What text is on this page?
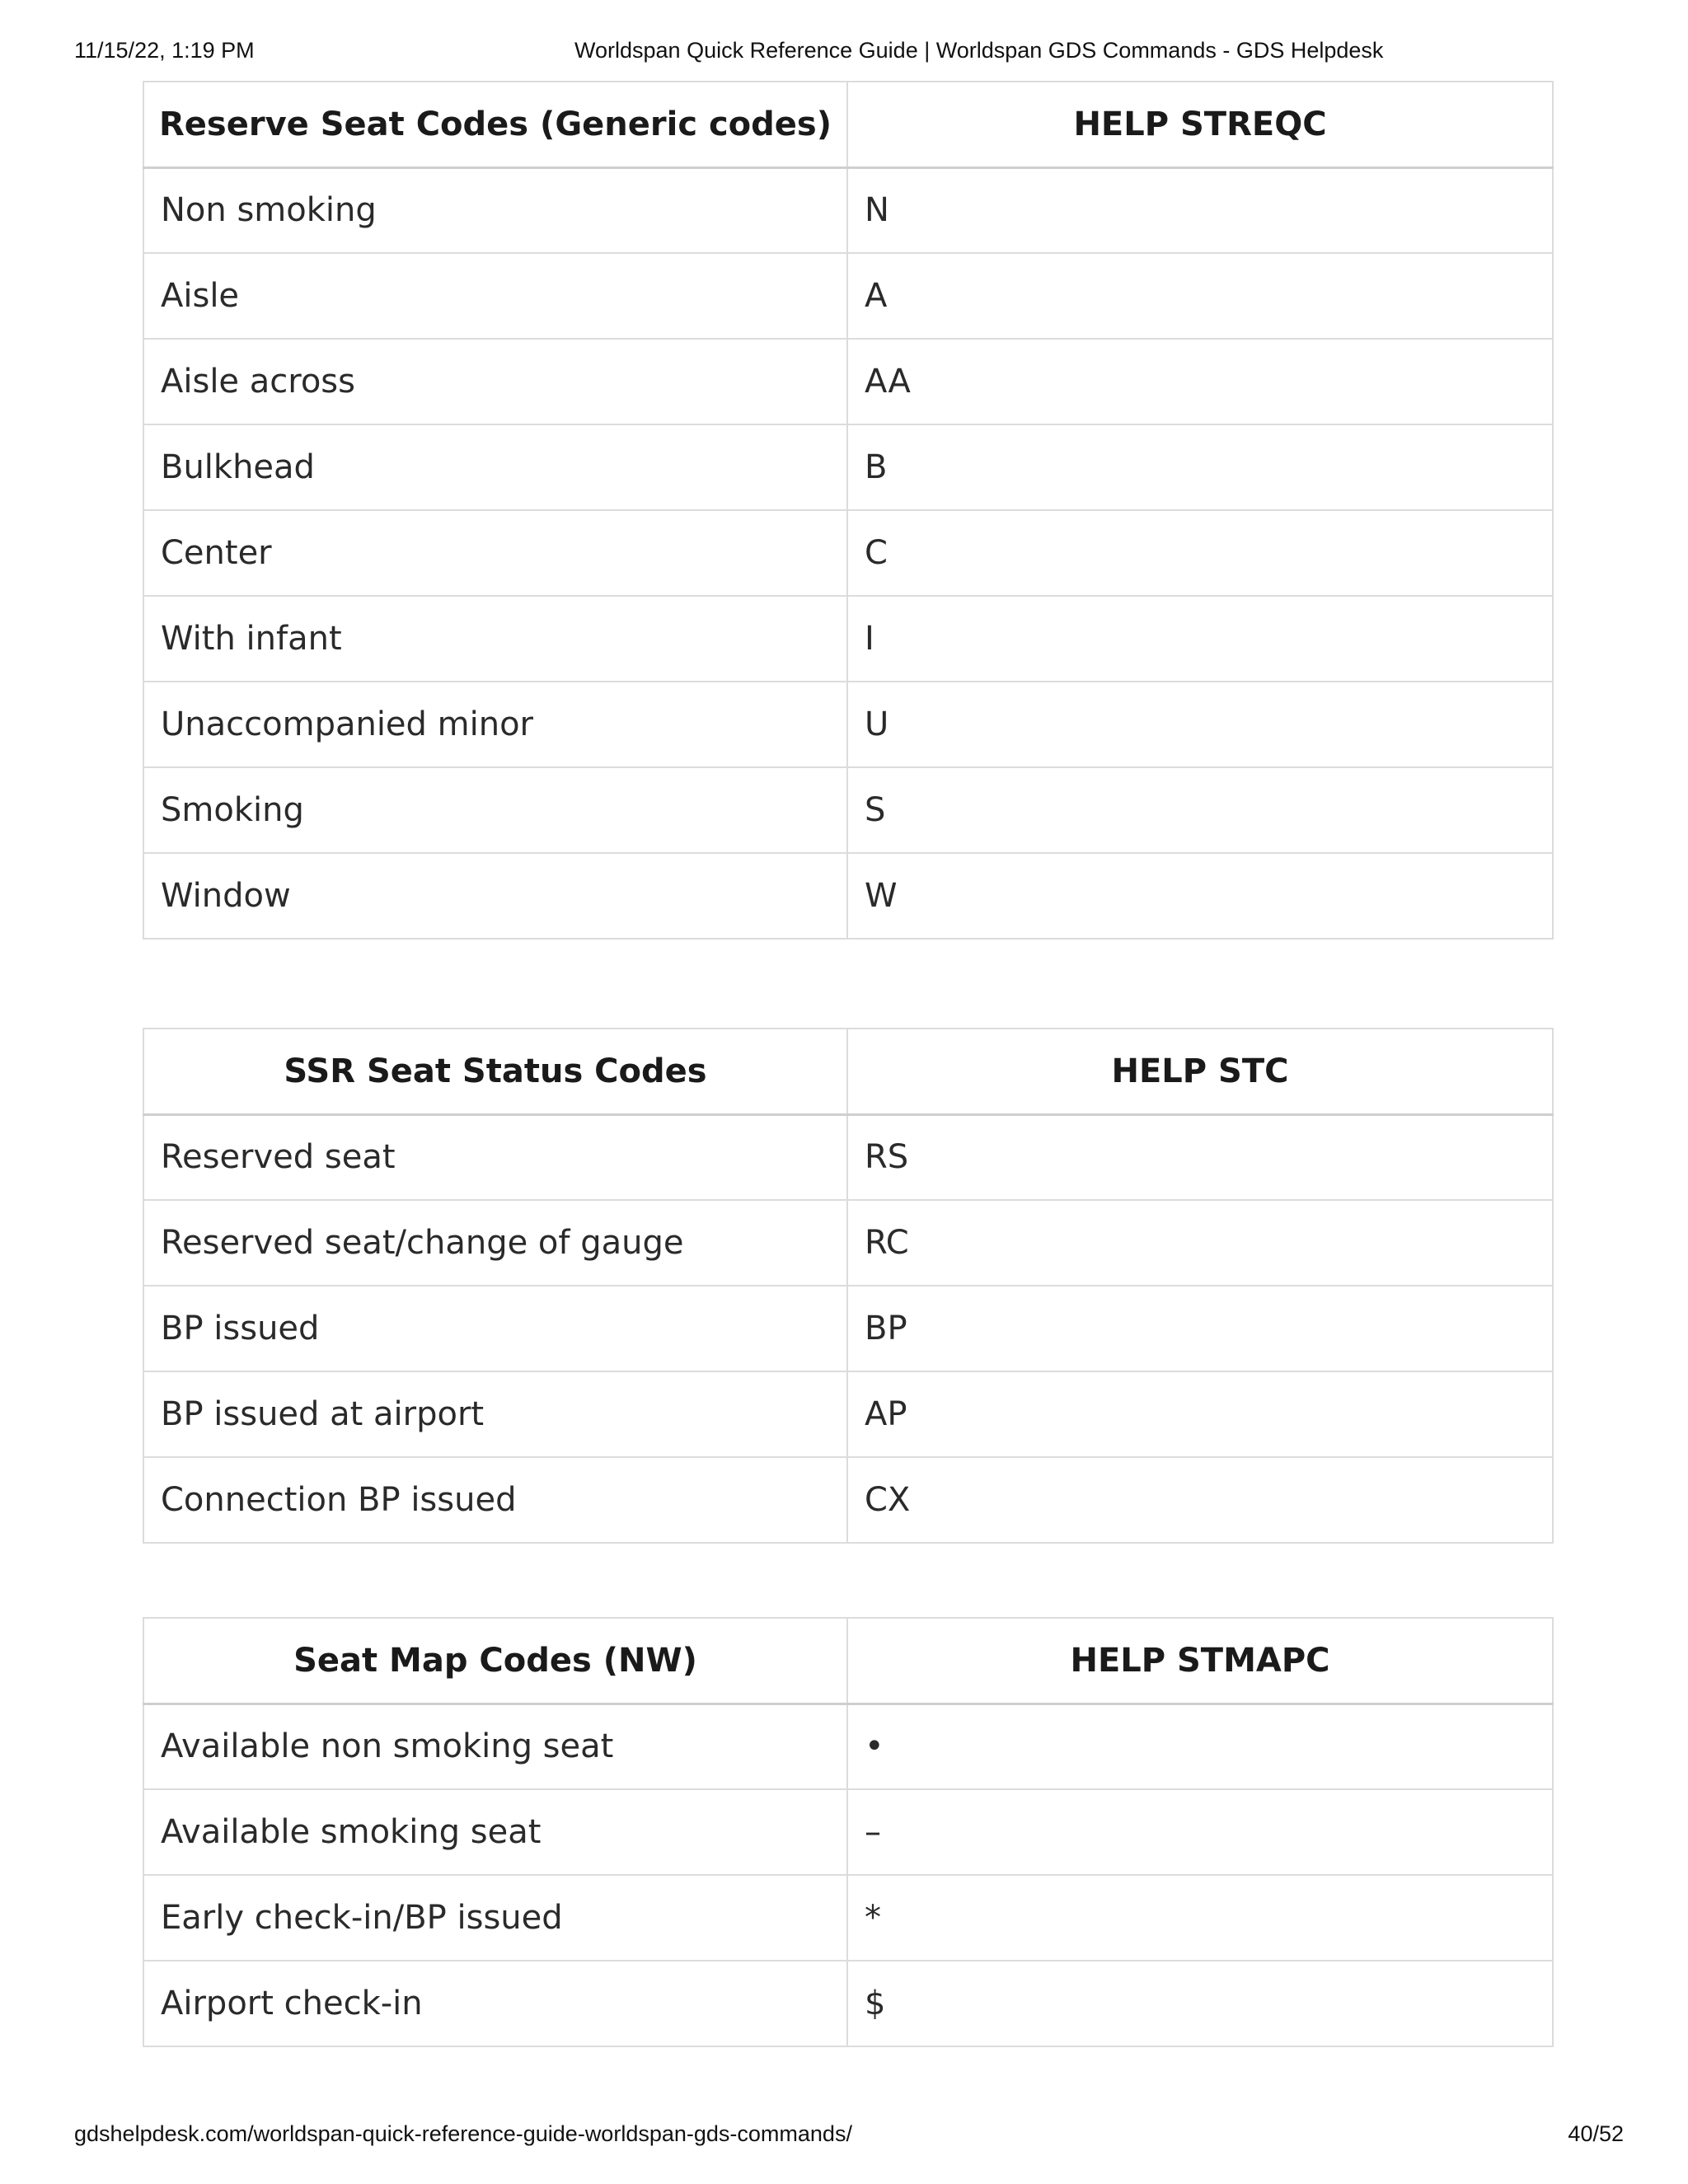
11/15/22, 1:19 PM	Worldspan Quick Reference Guide | Worldspan GDS Commands - GDS Helpdesk
Reserve Seat Codes (Generic codes)	HELP STREQC
Non smoking	N
Aisle	A
Aisle across	AA
Bulkhead	B
Center	C
With infant	I
Unaccompanied minor	U
Smoking	S
Window	W
SSR Seat Status Codes	HELP STC
Reserved seat	RS
Reserved seat/change of gauge	RC
BP issued	BP
BP issued at airport	AP
Connection BP issued	CX
Seat Map Codes (NW)	HELP STMAPC
Available non smoking seat	•
Available smoking seat	–
Early check-in/BP issued	*
Airport check-in	$
gdshelpdesk.com/worldspan-quick-reference-guide-worldspan-gds-commands/	40/52
